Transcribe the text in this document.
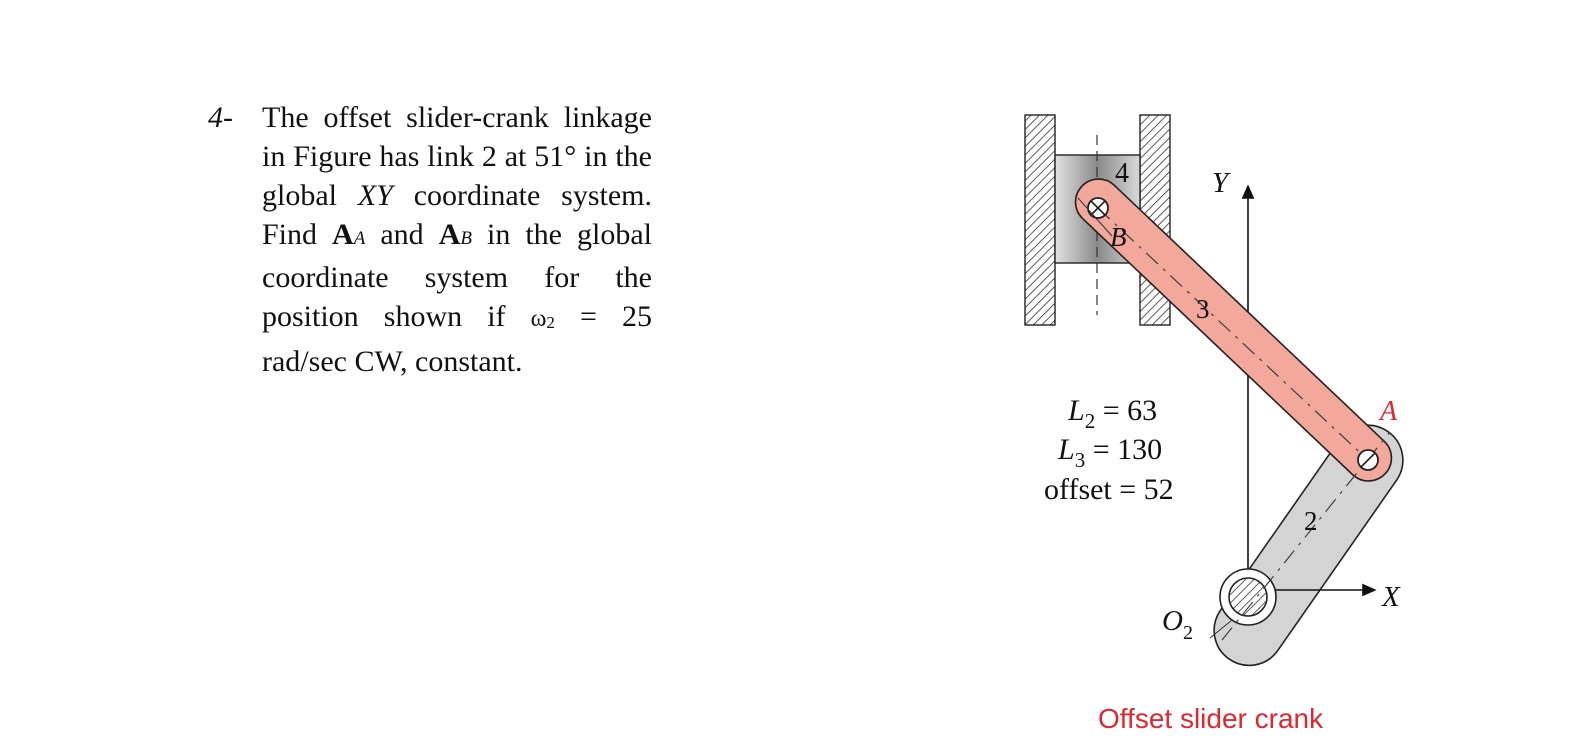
4- The offset slider-crank linkage in Figure has link 2 at 51° in the global XY coordinate system. Find AA and AB in the global coordinate system for the position shown if $\omega_2 = 25$ rad/sec CW, constant.
4
B
Y
3
A
2
X
$O_2$
$L_2 = 63$
$L_3 = 130$
offset = 52
Offset slider crank
